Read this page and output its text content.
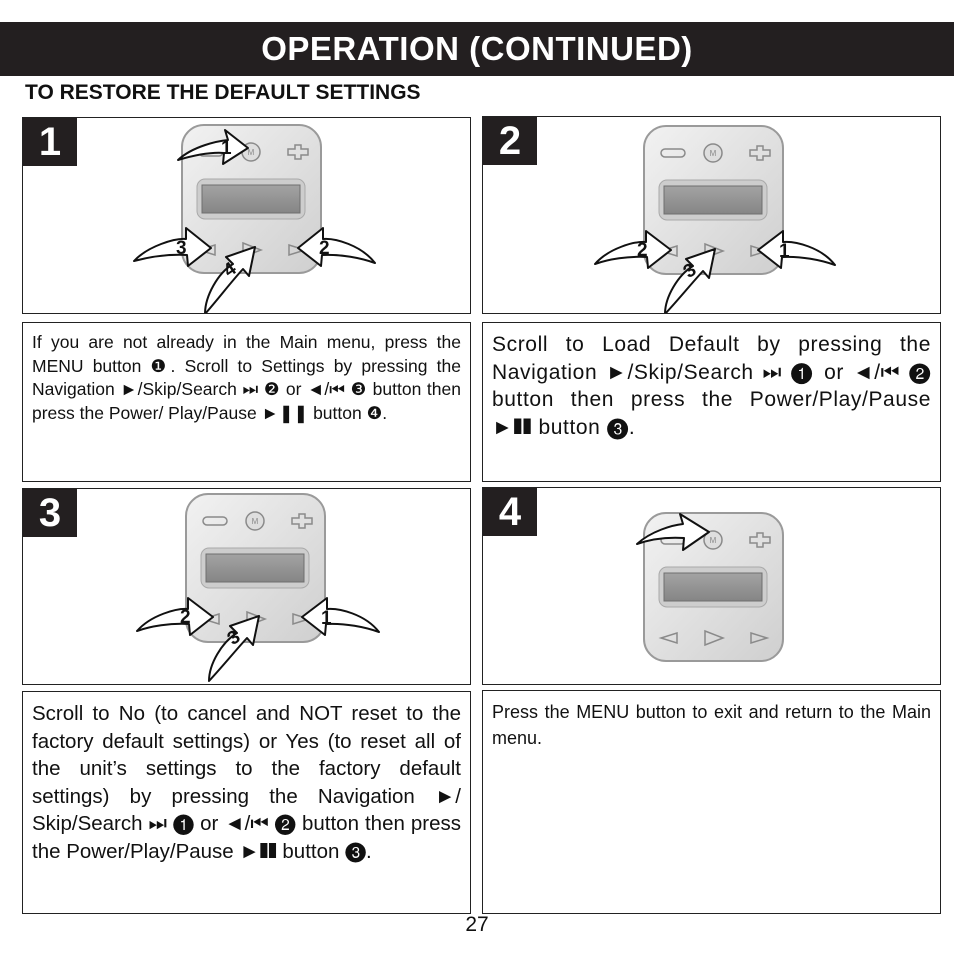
OPERATION (CONTINUED)
TO RESTORE THE DEFAULT SETTINGS
1	M
1
3	2
4
2	M
2	1
3
If you are not already in the Main menu, press the MENU button ❶. Scroll to Settings by pressing the Navigation ►/Skip/Search ⏭ ❷ or ◄/⏮ ❸ button then press the Power/ Play/Pause ►❚❚ button ❹.
Scroll to Load Default by pressing the Navigation ►/Skip/Search ⏭ ❶ or ◄/⏮ ❷ button then press the Power/Play/Pause ►❚❚ button ❸.
3	M
2	1
3
4
M
Scroll to No (to cancel and NOT reset to the factory default settings) or Yes (to reset all of the unit’s settings to the factory default settings) by pressing the Navigation ►/ Skip/Search ⏭ ❶ or ◄/⏮ ❷ button then press the Power/Play/Pause ►❚❚ button ❸.
Press the MENU button to exit and return to the Main menu.
27
